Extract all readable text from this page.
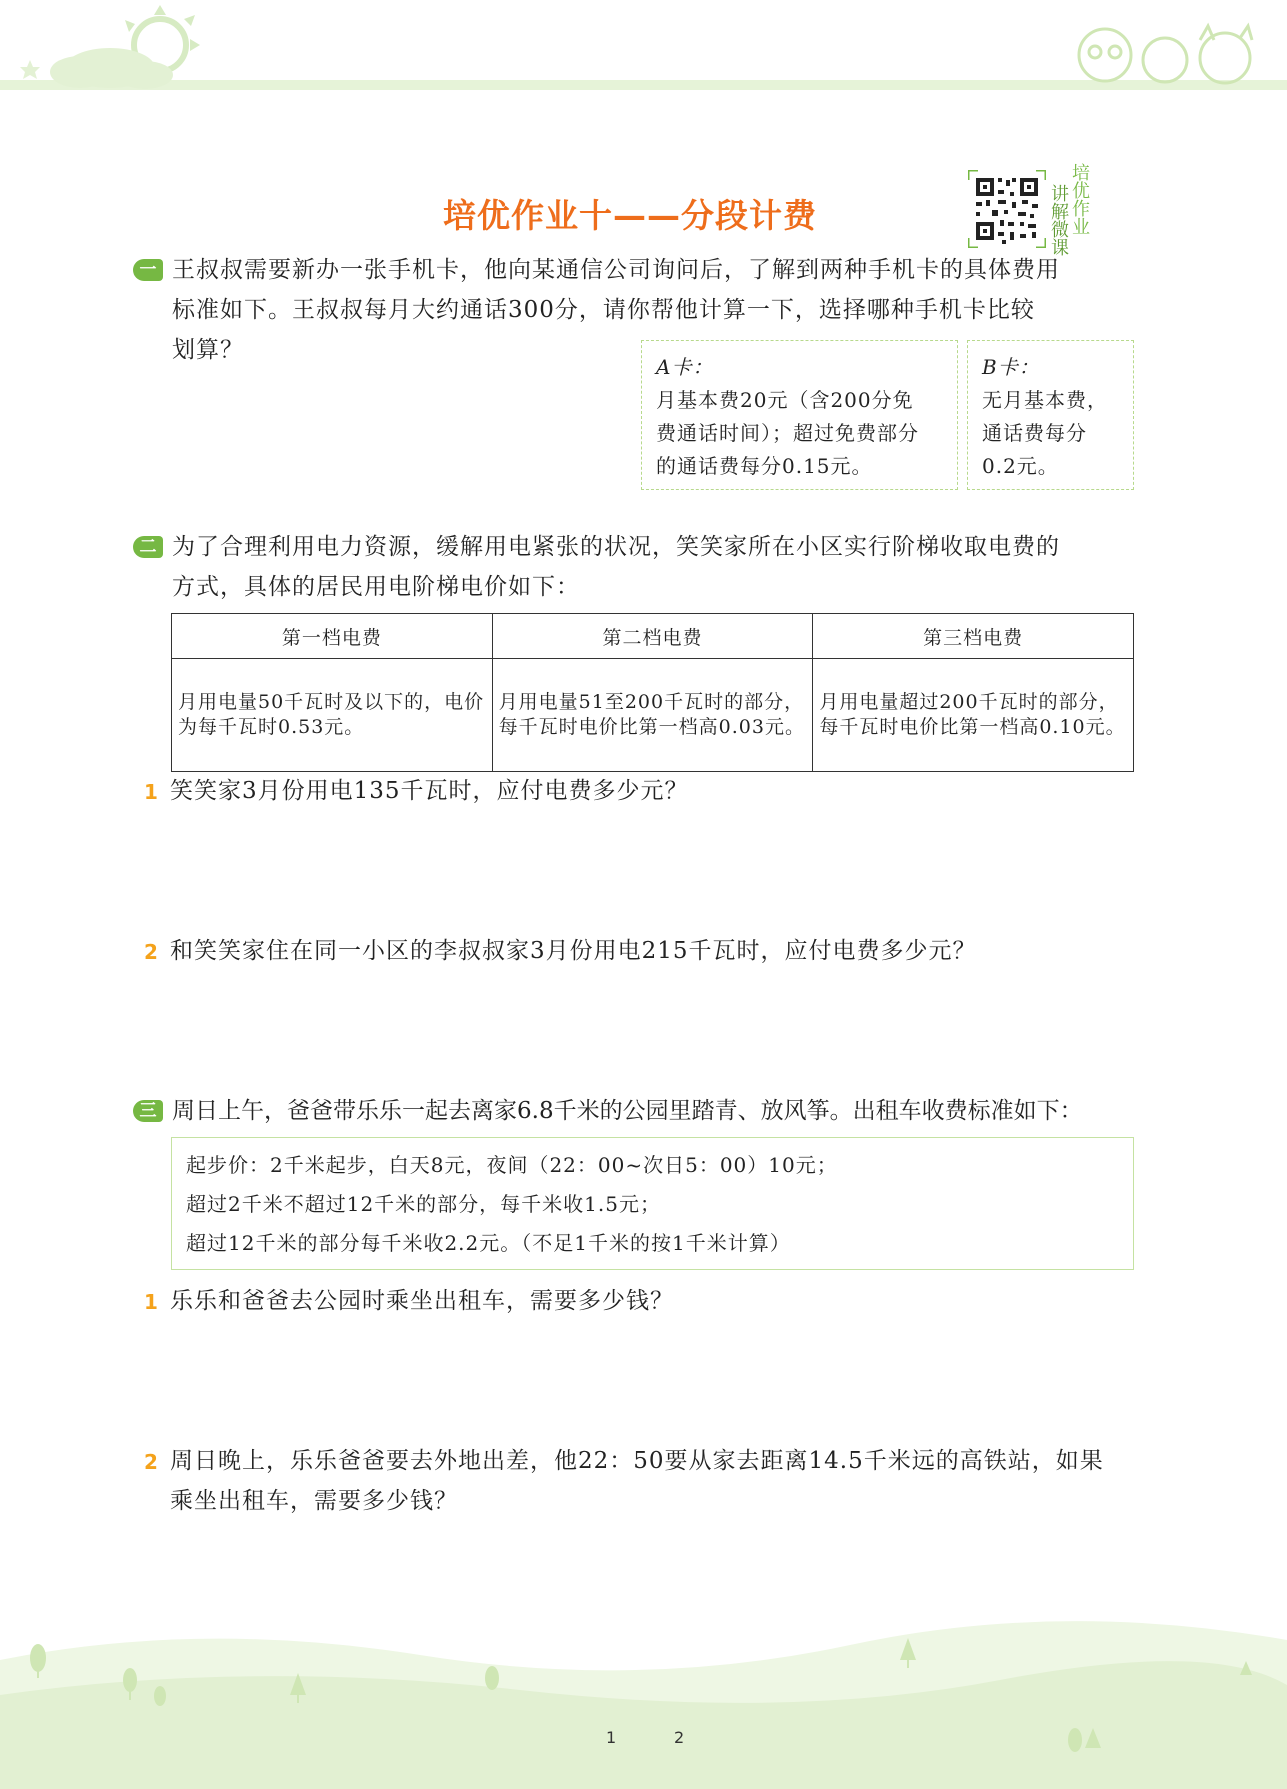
培优作业十——分段计费
讲解微课
培优作业
一 王叔叔需要新办一张手机卡，他向某通信公司询问后，了解到两种手机卡的具体费用
标准如下。王叔叔每月大约通话300分，请你帮他计算一下，选择哪种手机卡比较
划算？
A卡：
月基本费20元（含200分免
费通话时间）；超过免费部分
的通话费每分0.15元。
B卡：
无月基本费，
通话费每分
0.2元。
二 为了合理利用电力资源，缓解用电紧张的状况，笑笑家所在小区实行阶梯收取电费的
方式，具体的居民用电阶梯电价如下：
第一档电费	第二档电费	第三档电费
月用电量50千瓦时及以下的，电价为每千瓦时0.53元。	月用电量51至200千瓦时的部分，每千瓦时电价比第一档高0.03元。	月用电量超过200千瓦时的部分，每千瓦时电价比第一档高0.10元。
1 笑笑家3月份用电135千瓦时，应付电费多少元？
2 和笑笑家住在同一小区的李叔叔家3月份用电215千瓦时，应付电费多少元？
三 周日上午，爸爸带乐乐一起去离家6.8千米的公园里踏青、放风筝。出租车收费标准如下：
起步价：2千米起步，白天8元，夜间（22：00~次日5：00）10元；
超过2千米不超过12千米的部分，每千米收1.5元；
超过12千米的部分每千米收2.2元。（不足1千米的按1千米计算）
1 乐乐和爸爸去公园时乘坐出租车，需要多少钱？
2 周日晚上，乐乐爸爸要去外地出差，他22：50要从家去距离14.5千米远的高铁站，如果
乘坐出租车，需要多少钱？
1	2
